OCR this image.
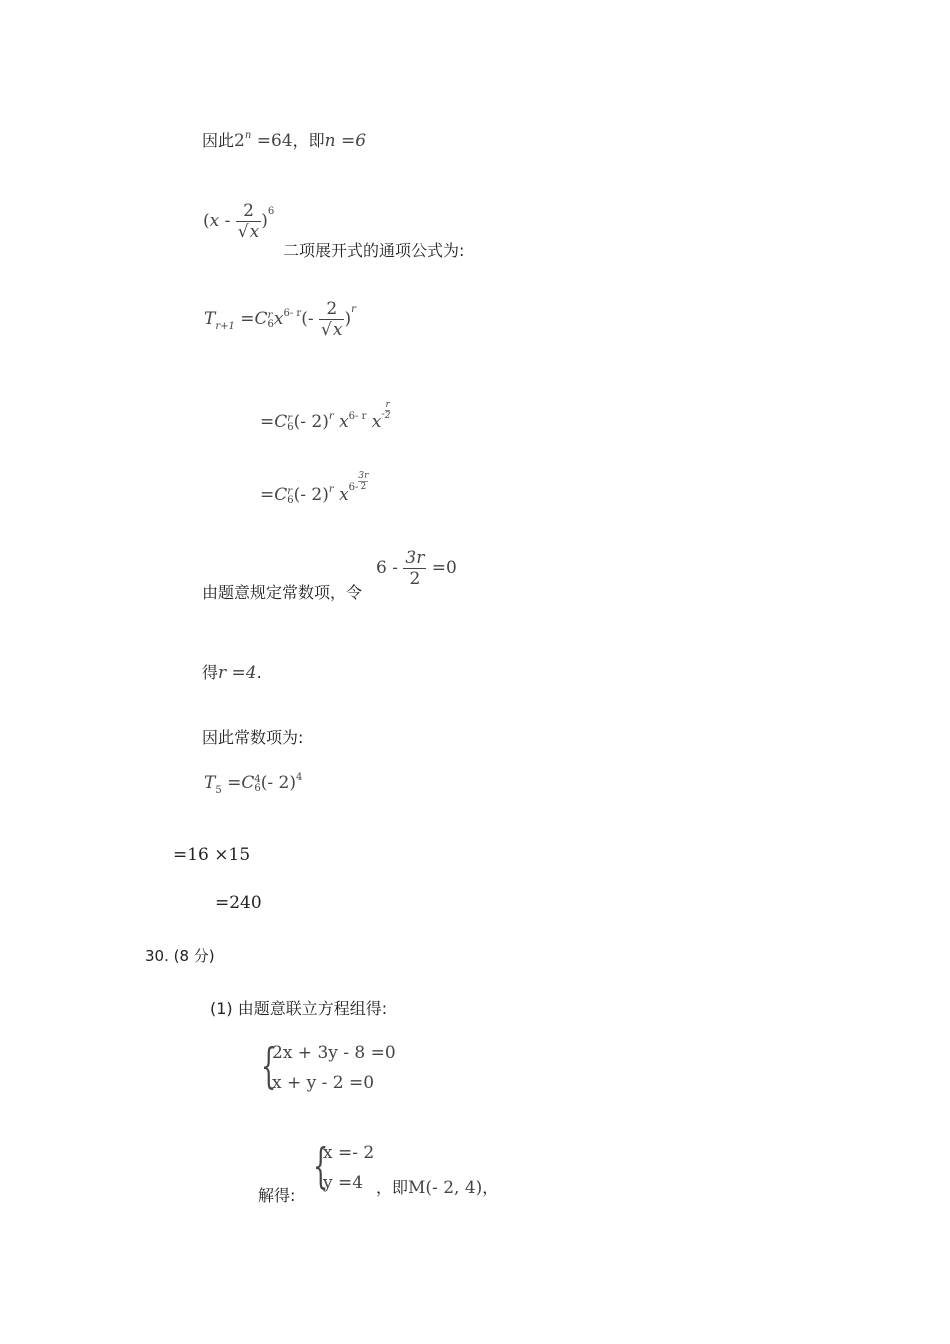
因此$2^n =64$，即n =6
$(x - \frac{2}{√x} )^6$
二项展开式的通项公式为:
$T_{r+1} =C$ r
6 $x^{6- r}(- \frac{2}{√x} )^r$
=C r
6 (- 2)$^r$ $x^{6- r}$ $x^- \frac{r}{2}$
=C r
6 (- 2)$^r$ $x^{6-} \frac{3r}{2}$
由题意规定常数项，令
$6 - \frac{3r}{2} =0$
得r =4.
因此常数项为:
$T_5 =C$ 4
6 (- 2)$^4$
=16 ×15
=240
30. (8 分)
(1) 由题意联立方程组得:
{
2x + 3y - 8 =0
x + y - 2 =0
解得:
{
x =- 2
y =4 ，即M(- 2, 4)，
